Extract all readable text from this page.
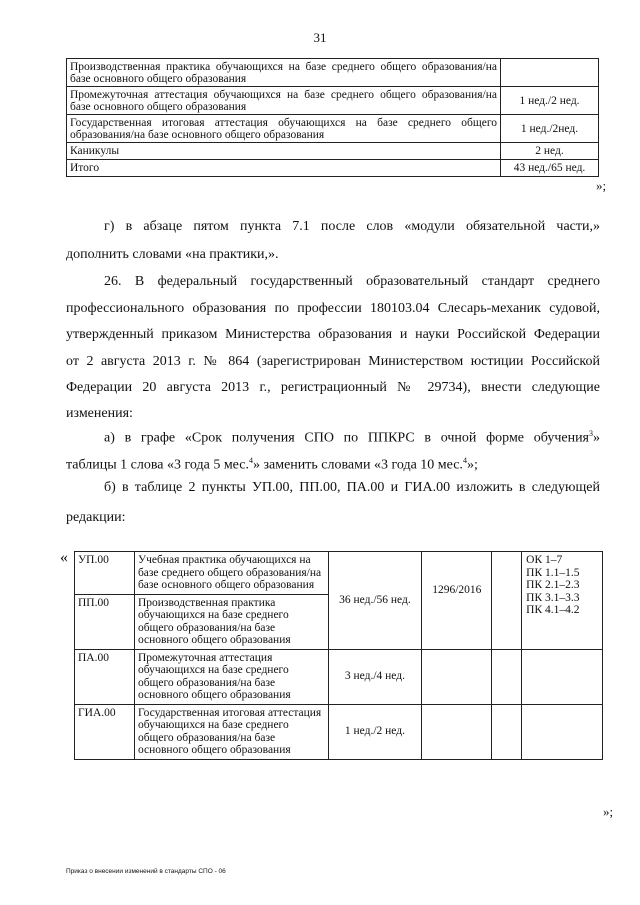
31
Производственная практика обучающихся на базе среднего общего образования/на базе основного общего образования	
Промежуточная аттестация обучающихся на базе среднего общего образования/на базе основного общего образования	1 нед./2 нед.
Государственная итоговая аттестация обучающихся на базе среднего общего образования/на базе основного общего образования	1 нед./2нед.
Каникулы	2 нед.
Итого	43 нед./65 нед.
»;
г) в абзаце пятом пункта 7.1 после слов «модули обязательной части,»
дополнить словами «на практики,».
26. В федеральный государственный образовательный стандарт среднего
профессионального образования по профессии 180103.04 Слесарь-механик судовой,
утвержденный приказом Министерства образования и науки Российской Федерации
от 2 августа 2013 г. № 864 (зарегистрирован Министерством юстиции Российской
Федерации 20 августа 2013 г., регистрационный № 29734), внести следующие
изменения:
а) в графе «Срок получения СПО по ППКРС в очной форме обучения$^3$»
таблицы 1 слова «3 года 5 мес.$^4$» заменить словами «3 года 10 мес.$^4$»;
б) в таблице 2 пункты УП.00, ПП.00, ПА.00 и ГИА.00 изложить в следующей
редакции:
« УП.00	Учебная практика обучающихся на базе среднего общего образования/на базе основного общего образования	36 нед./56 нед.	1296/2016		ОК 1–7
ПК 1.1–1.5
ПК 2.1–2.3
ПК 3.1–3.3
ПК 4.1–4.2

ПП.00	Производственная практика обучающихся на базе среднего общего образования/на базе основного общего образования				
ПА.00	Промежуточная аттестация обучающихся на базе среднего общего образования/на базе основного общего образования	3 нед./4 нед.			
ГИА.00	Государственная итоговая аттестация обучающихся на базе среднего общего образования/на базе основного общего образования	1 нед./2 нед.			
»;
Приказ о внесении изменений в стандарты СПО - 06
